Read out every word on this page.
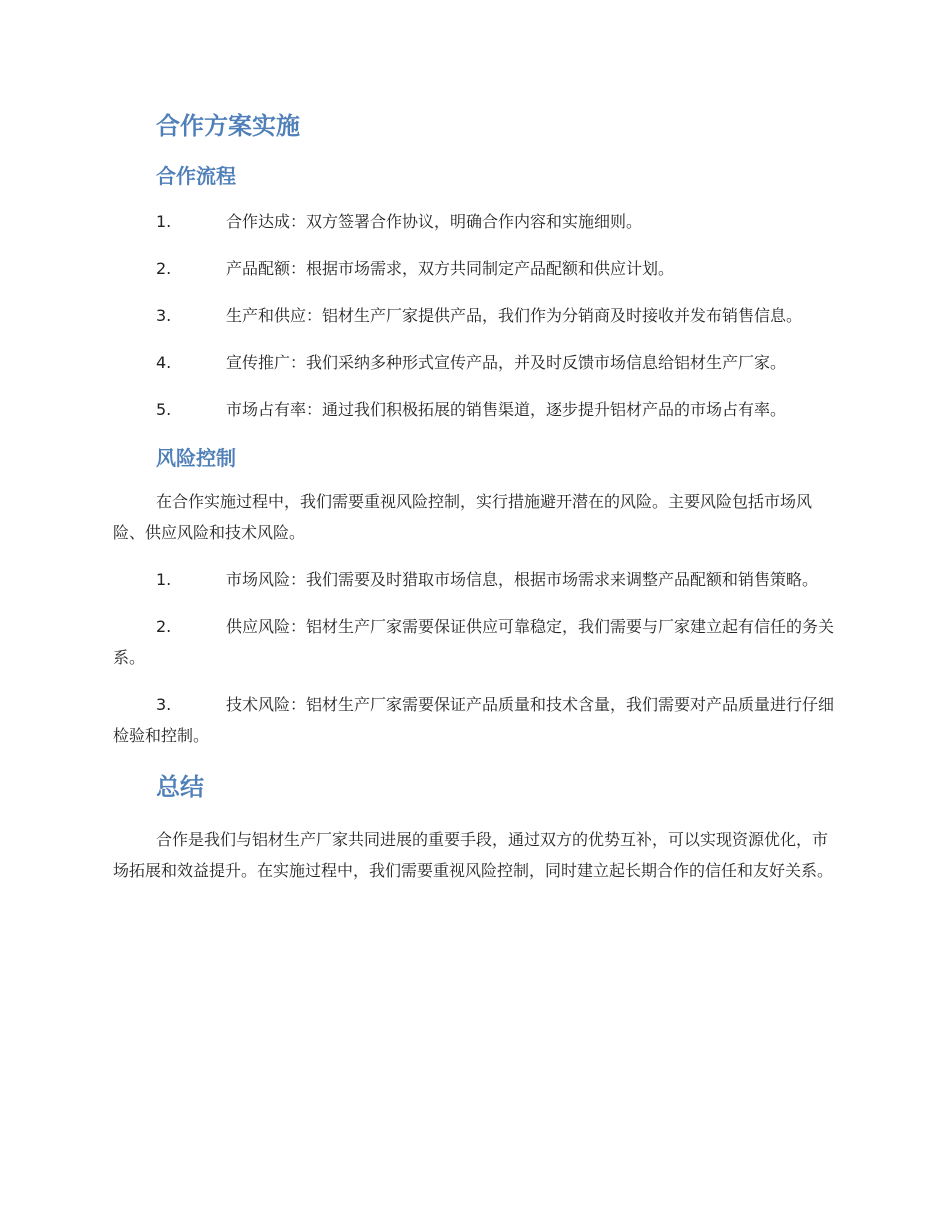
合作方案实施
合作流程
1.	合作达成：双方签署合作协议，明确合作内容和实施细则。
2.	产品配额：根据市场需求，双方共同制定产品配额和供应计划。
3.	生产和供应：铝材生产厂家提供产品，我们作为分销商及时接收并发布销售信息。
4.	宣传推广：我们采纳多种形式宣传产品，并及时反馈市场信息给铝材生产厂家。
5.	市场占有率：通过我们积极拓展的销售渠道，逐步提升铝材产品的市场占有率。
风险控制
在合作实施过程中，我们需要重视风险控制，实行措施避开潜在的风险。主要风险包括市场风险、供应风险和技术风险。
1.	市场风险：我们需要及时猎取市场信息，根据市场需求来调整产品配额和销售策略。
2.	供应风险：铝材生产厂家需要保证供应可靠稳定，我们需要与厂家建立起有信任的务关系。
3.	技术风险：铝材生产厂家需要保证产品质量和技术含量，我们需要对产品质量进行仔细检验和控制。
总结
合作是我们与铝材生产厂家共同进展的重要手段，通过双方的优势互补，可以实现资源优化，市场拓展和效益提升。在实施过程中，我们需要重视风险控制，同时建立起长期合作的信任和友好关系。
